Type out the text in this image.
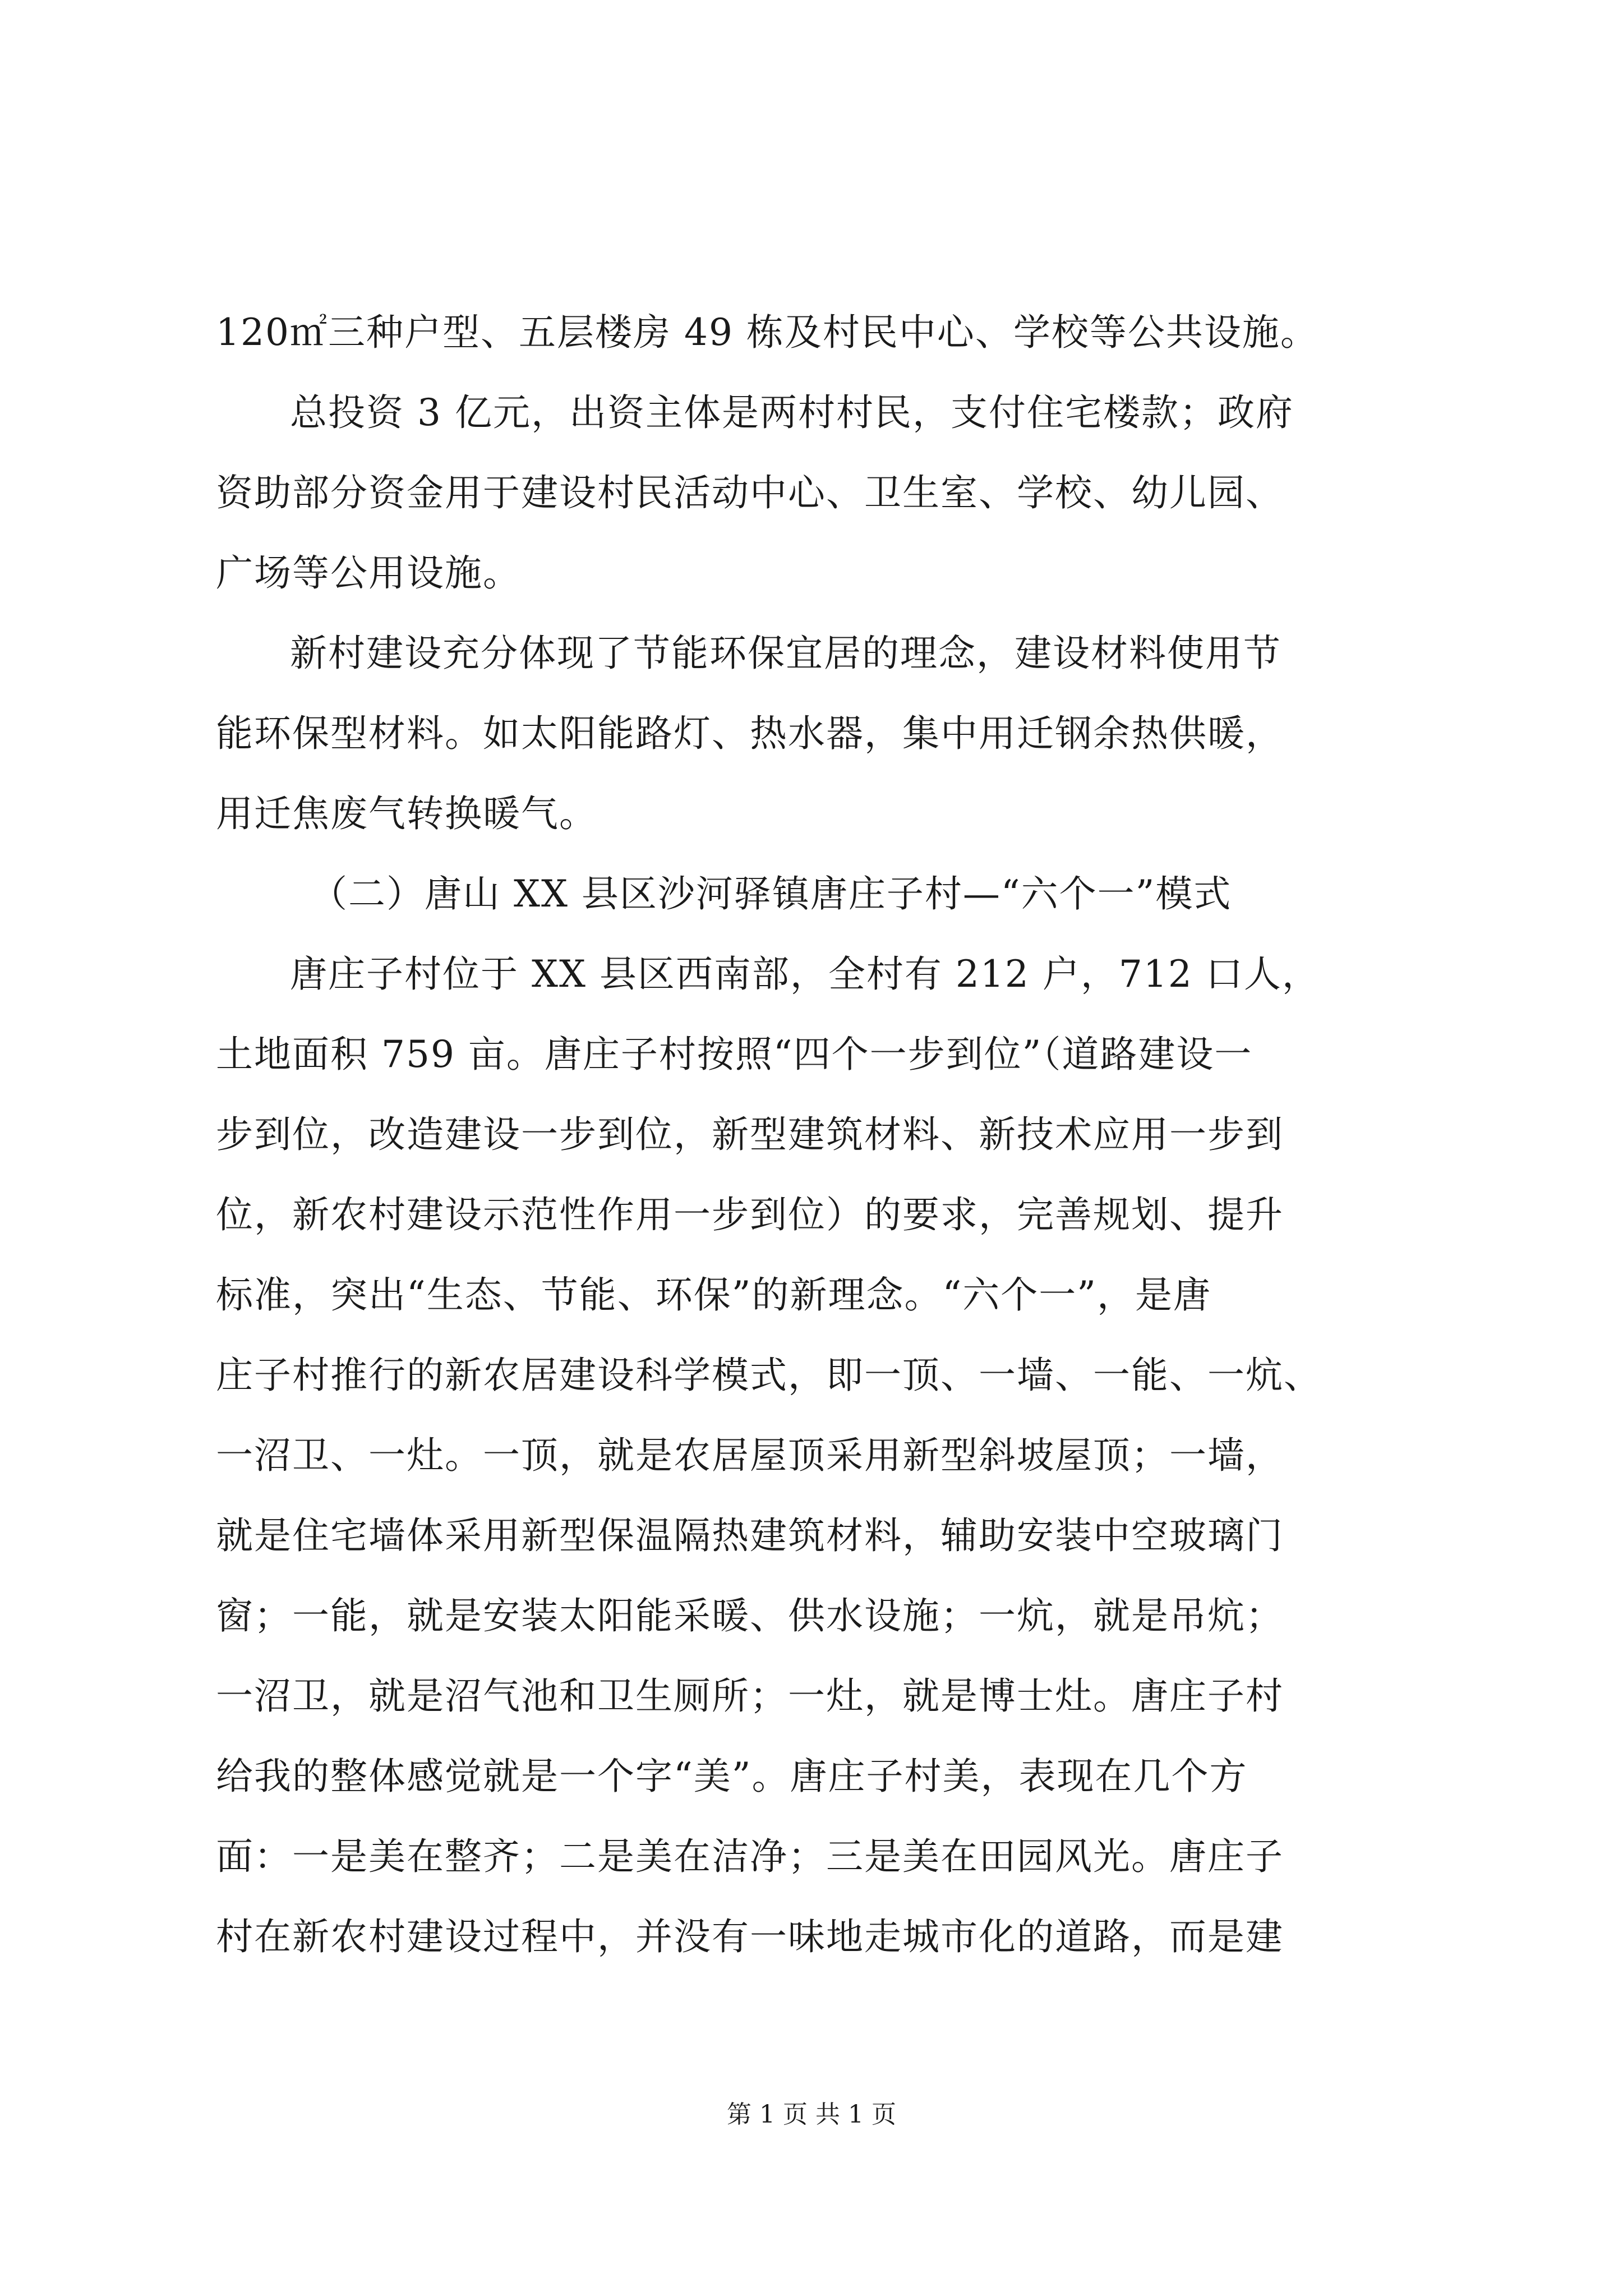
120㎡三种户型、五层楼房 49 栋及村民中心、学校等公共设施。
总投资 3 亿元，出资主体是两村村民，支付住宅楼款；政府
资助部分资金用于建设村民活动中心、卫生室、学校、幼儿园、
广场等公用设施。
新村建设充分体现了节能环保宜居的理念，建设材料使用节
能环保型材料。如太阳能路灯、热水器，集中用迁钢余热供暖，
用迁焦废气转换暖气。
（二）唐山 XX 县区沙河驿镇唐庄子村—“六个一”模式
唐庄子村位于 XX 县区西南部，全村有 212 户，712 口人，
土地面积 759 亩。唐庄子村按照“四个一步到位”（道路建设一
步到位，改造建设一步到位，新型建筑材料、新技术应用一步到
位，新农村建设示范性作用一步到位）的要求，完善规划、提升
标准，突出“生态、节能、环保”的新理念。“六个一”，是唐
庄子村推行的新农居建设科学模式，即一顶、一墙、一能、一炕、
一沼卫、一灶。一顶，就是农居屋顶采用新型斜坡屋顶；一墙，
就是住宅墙体采用新型保温隔热建筑材料，辅助安装中空玻璃门
窗；一能，就是安装太阳能采暖、供水设施；一炕，就是吊炕；
一沼卫，就是沼气池和卫生厕所；一灶，就是博士灶。唐庄子村
给我的整体感觉就是一个字“美”。唐庄子村美，表现在几个方
面：一是美在整齐；二是美在洁净；三是美在田园风光。唐庄子
村在新农村建设过程中，并没有一味地走城市化的道路，而是建
第 1 页 共 1 页
